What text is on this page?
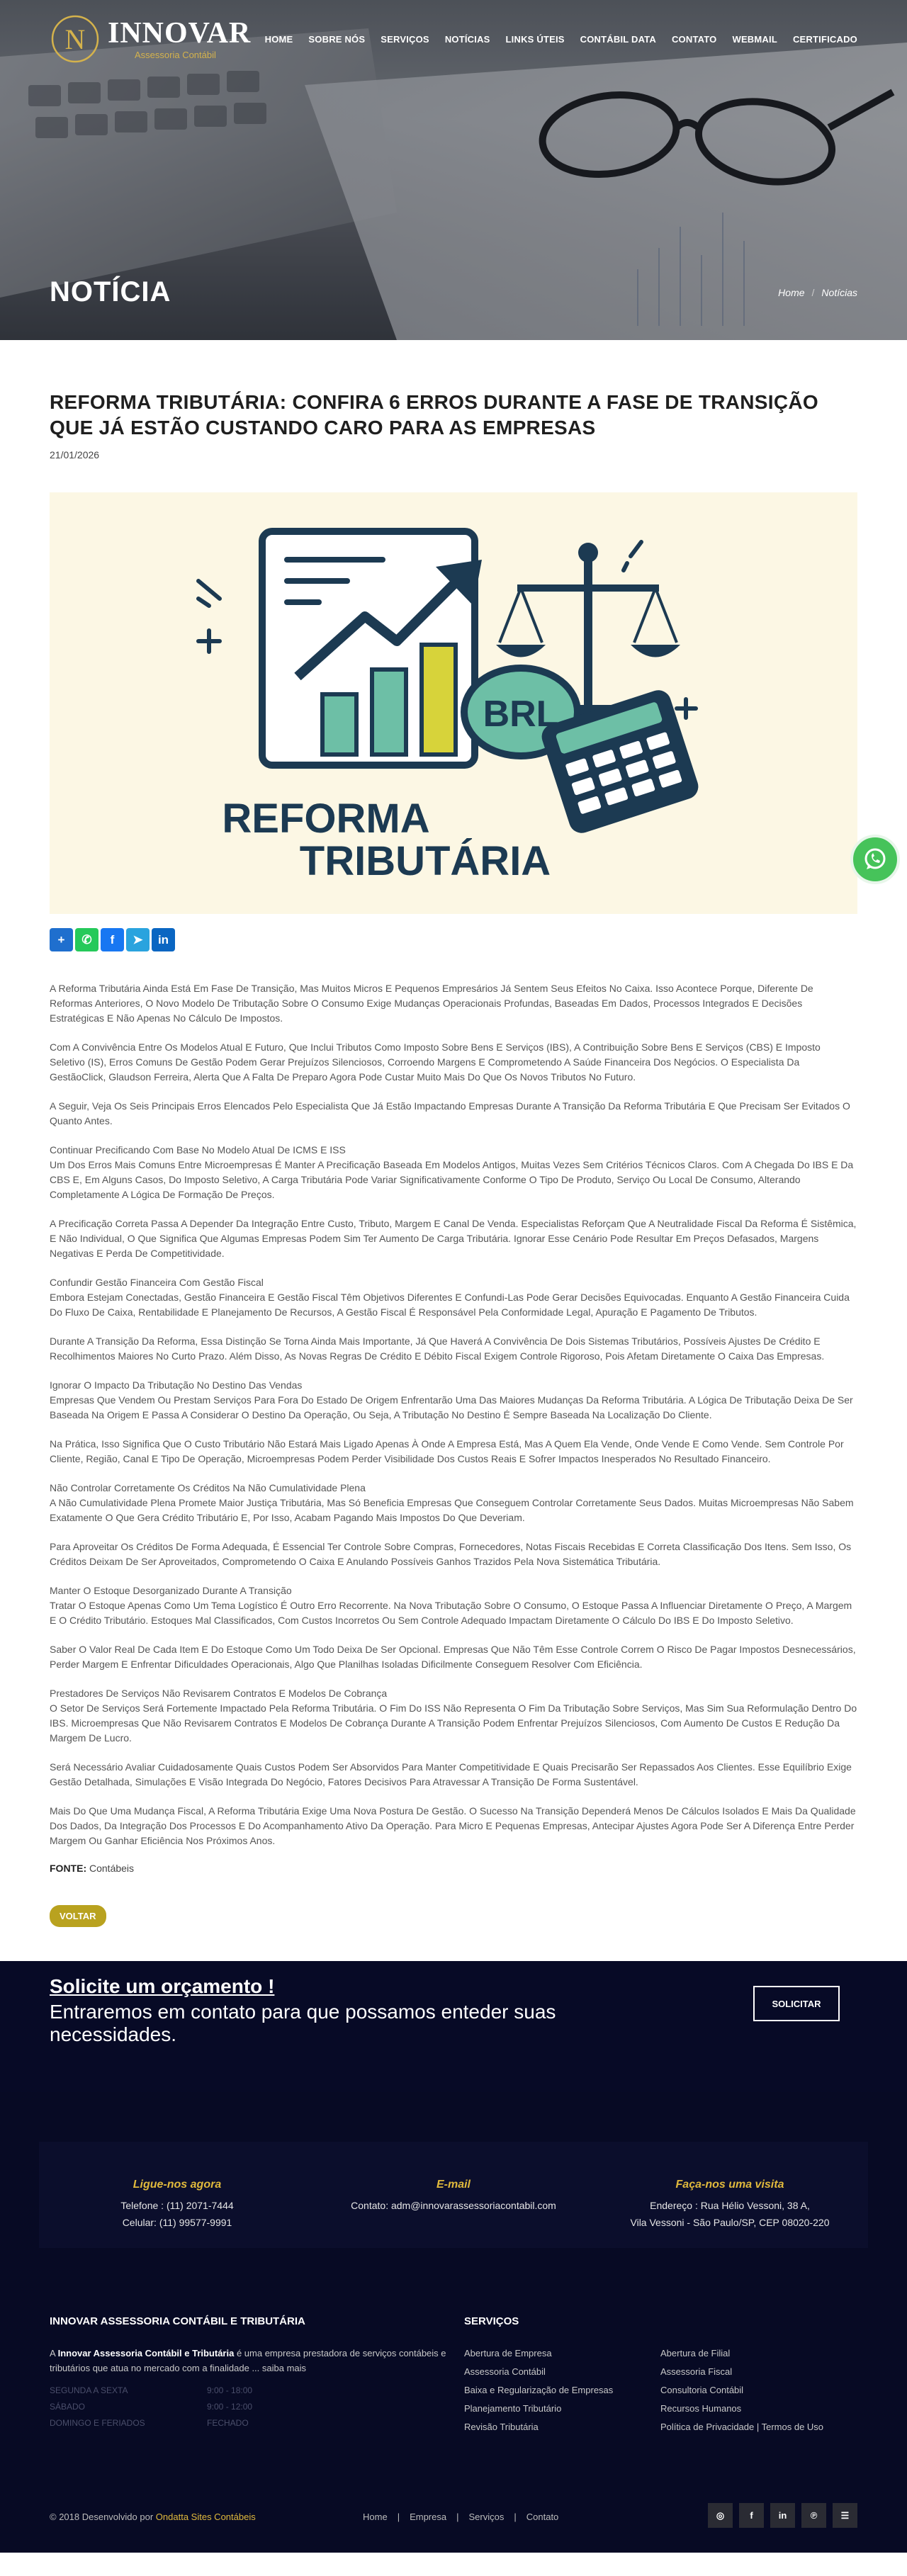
N INNOVAR
Assessoria Contábil
HOME SOBRE NÓS SERVIÇOS NOTÍCIAS LINKS ÚTEIS CONTÁBIL DATA CONTATO WEBMAIL CERTIFICADO
NOTÍCIA	Home / Notícias
REFORMA TRIBUTÁRIA: CONFIRA 6 ERROS DURANTE A FASE DE TRANSIÇÃO QUE JÁ ESTÃO CUSTANDO CARO PARA AS EMPRESAS
21/01/2026
BRL
REFORMA
TRIBUTÁRIA
+	✆	f	➤	in

A Reforma Tributária Ainda Está Em Fase De Transição, Mas Muitos Micros E Pequenos Empresários Já Sentem Seus Efeitos No Caixa. Isso Acontece Porque, Diferente De Reformas Anteriores, O Novo Modelo De Tributação Sobre O Consumo Exige Mudanças Operacionais Profundas, Baseadas Em Dados, Processos Integrados E Decisões Estratégicas E Não Apenas No Cálculo De Impostos.

Com A Convivência Entre Os Modelos Atual E Futuro, Que Inclui Tributos Como Imposto Sobre Bens E Serviços (IBS), A Contribuição Sobre Bens E Serviços (CBS) E Imposto Seletivo (IS), Erros Comuns De Gestão Podem Gerar Prejuízos Silenciosos, Corroendo Margens E Comprometendo A Saúde Financeira Dos Negócios. O Especialista Da GestãoClick, Glaudson Ferreira, Alerta Que A Falta De Preparo Agora Pode Custar Muito Mais Do Que Os Novos Tributos No Futuro.

A Seguir, Veja Os Seis Principais Erros Elencados Pelo Especialista Que Já Estão Impactando Empresas Durante A Transição Da Reforma Tributária E Que Precisam Ser Evitados O Quanto Antes.

Continuar Precificando Com Base No Modelo Atual De ICMS E ISS
Um Dos Erros Mais Comuns Entre Microempresas É Manter A Precificação Baseada Em Modelos Antigos, Muitas Vezes Sem Critérios Técnicos Claros. Com A Chegada Do IBS E Da CBS E, Em Alguns Casos, Do Imposto Seletivo, A Carga Tributária Pode Variar Significativamente Conforme O Tipo De Produto, Serviço Ou Local De Consumo, Alterando Completamente A Lógica De Formação De Preços.

A Precificação Correta Passa A Depender Da Integração Entre Custo, Tributo, Margem E Canal De Venda. Especialistas Reforçam Que A Neutralidade Fiscal Da Reforma É Sistêmica, E Não Individual, O Que Significa Que Algumas Empresas Podem Sim Ter Aumento De Carga Tributária. Ignorar Esse Cenário Pode Resultar Em Preços Defasados, Margens Negativas E Perda De Competitividade.

Confundir Gestão Financeira Com Gestão Fiscal
Embora Estejam Conectadas, Gestão Financeira E Gestão Fiscal Têm Objetivos Diferentes E Confundi-Las Pode Gerar Decisões Equivocadas. Enquanto A Gestão Financeira Cuida Do Fluxo De Caixa, Rentabilidade E Planejamento De Recursos, A Gestão Fiscal É Responsável Pela Conformidade Legal, Apuração E Pagamento De Tributos.

Durante A Transição Da Reforma, Essa Distinção Se Torna Ainda Mais Importante, Já Que Haverá A Convivência De Dois Sistemas Tributários, Possíveis Ajustes De Crédito E Recolhimentos Maiores No Curto Prazo. Além Disso, As Novas Regras De Crédito E Débito Fiscal Exigem Controle Rigoroso, Pois Afetam Diretamente O Caixa Das Empresas.

Ignorar O Impacto Da Tributação No Destino Das Vendas
Empresas Que Vendem Ou Prestam Serviços Para Fora Do Estado De Origem Enfrentarão Uma Das Maiores Mudanças Da Reforma Tributária. A Lógica De Tributação Deixa De Ser Baseada Na Origem E Passa A Considerar O Destino Da Operação, Ou Seja, A Tributação No Destino É Sempre Baseada Na Localização Do Cliente.

Na Prática, Isso Significa Que O Custo Tributário Não Estará Mais Ligado Apenas À Onde A Empresa Está, Mas A Quem Ela Vende, Onde Vende E Como Vende. Sem Controle Por Cliente, Região, Canal E Tipo De Operação, Microempresas Podem Perder Visibilidade Dos Custos Reais E Sofrer Impactos Inesperados No Resultado Financeiro.

Não Controlar Corretamente Os Créditos Na Não Cumulatividade Plena
A Não Cumulatividade Plena Promete Maior Justiça Tributária, Mas Só Beneficia Empresas Que Conseguem Controlar Corretamente Seus Dados. Muitas Microempresas Não Sabem Exatamente O Que Gera Crédito Tributário E, Por Isso, Acabam Pagando Mais Impostos Do Que Deveriam.

Para Aproveitar Os Créditos De Forma Adequada, É Essencial Ter Controle Sobre Compras, Fornecedores, Notas Fiscais Recebidas E Correta Classificação Dos Itens. Sem Isso, Os Créditos Deixam De Ser Aproveitados, Comprometendo O Caixa E Anulando Possíveis Ganhos Trazidos Pela Nova Sistemática Tributária.

Manter O Estoque Desorganizado Durante A Transição
Tratar O Estoque Apenas Como Um Tema Logístico É Outro Erro Recorrente. Na Nova Tributação Sobre O Consumo, O Estoque Passa A Influenciar Diretamente O Preço, A Margem E O Crédito Tributário. Estoques Mal Classificados, Com Custos Incorretos Ou Sem Controle Adequado Impactam Diretamente O Cálculo Do IBS E Do Imposto Seletivo.

Saber O Valor Real De Cada Item E Do Estoque Como Um Todo Deixa De Ser Opcional. Empresas Que Não Têm Esse Controle Correm O Risco De Pagar Impostos Desnecessários, Perder Margem E Enfrentar Dificuldades Operacionais, Algo Que Planilhas Isoladas Dificilmente Conseguem Resolver Com Eficiência.

Prestadores De Serviços Não Revisarem Contratos E Modelos De Cobrança
O Setor De Serviços Será Fortemente Impactado Pela Reforma Tributária. O Fim Do ISS Não Representa O Fim Da Tributação Sobre Serviços, Mas Sim Sua Reformulação Dentro Do IBS. Microempresas Que Não Revisarem Contratos E Modelos De Cobrança Durante A Transição Podem Enfrentar Prejuízos Silenciosos, Com Aumento De Custos E Redução Da Margem De Lucro.

Será Necessário Avaliar Cuidadosamente Quais Custos Podem Ser Absorvidos Para Manter Competitividade E Quais Precisarão Ser Repassados Aos Clientes. Esse Equilíbrio Exige Gestão Detalhada, Simulações E Visão Integrada Do Negócio, Fatores Decisivos Para Atravessar A Transição De Forma Sustentável.

Mais Do Que Uma Mudança Fiscal, A Reforma Tributária Exige Uma Nova Postura De Gestão. O Sucesso Na Transição Dependerá Menos De Cálculos Isolados E Mais Da Qualidade Dos Dados, Da Integração Dos Processos E Do Acompanhamento Ativo Da Operação. Para Micro E Pequenas Empresas, Antecipar Ajustes Agora Pode Ser A Diferença Entre Perder Margem Ou Ganhar Eficiência Nos Próximos Anos.

FONTE: Contábeis
VOLTAR
Solicite um orçamento !
Entraremos em contato para que possamos enteder suas necessidades.
SOLICITAR
Ligue-nos agora
Telefone : (11) 2071-7444
Celular: (11) 99577-9991
E-mail
Contato: adm@innovarassessoriacontabil.com
Faça-nos uma visita
Endereço : Rua Hélio Vessoni, 38 A,
Vila Vessoni - São Paulo/SP, CEP 08020-220
INNOVAR ASSESSORIA CONTÁBIL E TRIBUTÁRIA

A Innovar Assessoria Contábil e Tributária é uma empresa prestadora de serviços contábeis e tributários que atua no mercado com a finalidade ... saiba mais

SEGUNDA A SEXTA	9:00 - 18:00
SÁBADO	9:00 - 12:00
DOMINGO E FERIADOS	FECHADO
SERVIÇOS
Abertura de Empresa	Abertura de Filial
Assessoria Contábil	Assessoria Fiscal
Baixa e Regularização de Empresas	Consultoria Contábil
Planejamento Tributário	Recursos Humanos
Revisão Tributária	Política de Privacidade | Termos de Uso
© 2018 Desenvolvido por Ondatta Sites Contábeis	Home | Empresa | Serviços | Contato	◎	f	in	℗	☰
